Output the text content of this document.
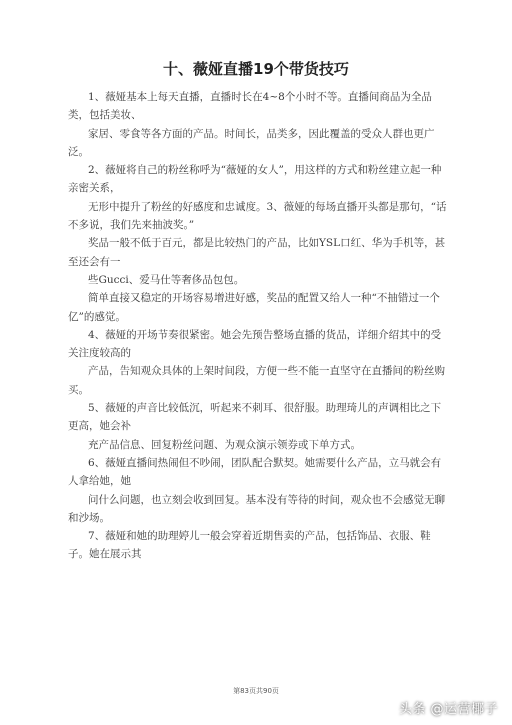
十、薇娅直播19个带货技巧

1、薇娅基本上每天直播，直播时长在4~8个小时不等。直播间商品为全品类，包括美妆、

家居、零食等各方面的产品。时间长，品类多，因此覆盖的受众人群也更广泛。

2、薇娅将自己的粉丝称呼为“薇娅的女人”，用这样的方式和粉丝建立起一种亲密关系，

无形中提升了粉丝的好感度和忠诚度。3、薇娅的每场直播开头都是那句，“话不多说，我们先来抽波奖。”

奖品一般不低于百元，都是比较热门的产品，比如YSL口红、华为手机等，甚至还会有一

些Gucci、爱马仕等奢侈品包包。

简单直接又稳定的开场容易增进好感，奖品的配置又给人一种“不抽错过一个亿”的感觉。

4、薇娅的开场节奏很紧密。她会先预告整场直播的货品，详细介绍其中的受关注度较高的

产品，告知观众具体的上架时间段，方便一些不能一直坚守在直播间的粉丝购买。

5、薇娅的声音比较低沉，听起来不刺耳、很舒服。助理琦儿的声调相比之下更高，她会补

充产品信息、回复粉丝问题、为观众演示领券或下单方式。

6、薇娅直播间热闹但不吵闹，团队配合默契。她需要什么产品，立马就会有人拿给她，她

问什么问题，也立刻会收到回复。基本没有等待的时间，观众也不会感觉无聊和沙场。

7、薇娅和她的助理婷儿一般会穿着近期售卖的产品，包括饰品、衣服、鞋子。她在展示其

第83页共90页
头条 @运营椰子
